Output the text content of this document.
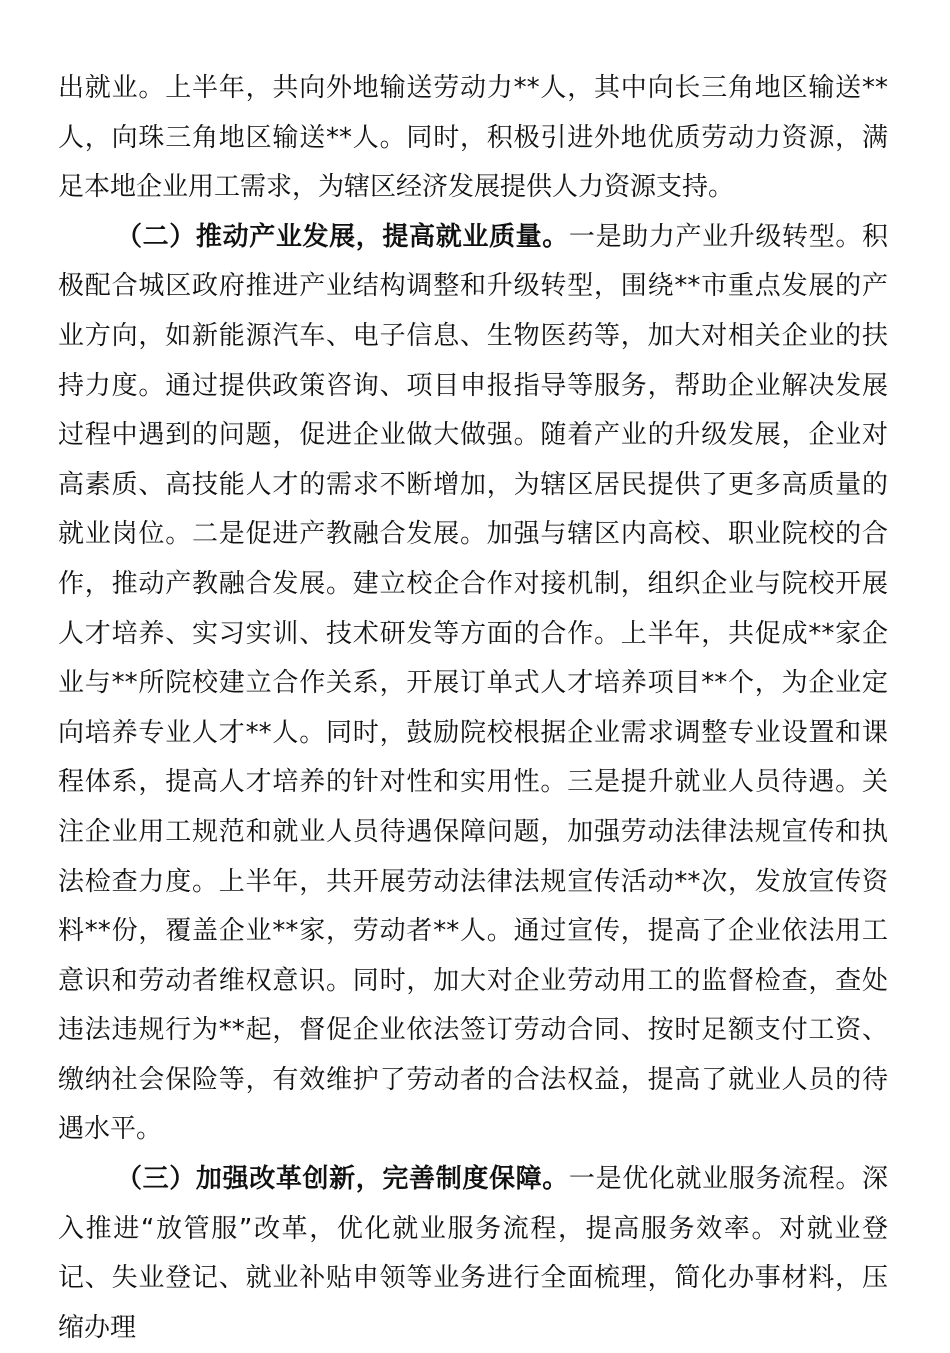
出就业。上半年，共向外地输送劳动力**人，其中向长三角地区输送**人，向珠三角地区输送**人。同时，积极引进外地优质劳动力资源，满足本地企业用工需求，为辖区经济发展提供人力资源支持。

（二）推动产业发展，提高就业质量。一是助力产业升级转型。积极配合城区政府推进产业结构调整和升级转型，围绕**市重点发展的产业方向，如新能源汽车、电子信息、生物医药等，加大对相关企业的扶持力度。通过提供政策咨询、项目申报指导等服务，帮助企业解决发展过程中遇到的问题，促进企业做大做强。随着产业的升级发展，企业对高素质、高技能人才的需求不断增加，为辖区居民提供了更多高质量的就业岗位。二是促进产教融合发展。加强与辖区内高校、职业院校的合作，推动产教融合发展。建立校企合作对接机制，组织企业与院校开展人才培养、实习实训、技术研发等方面的合作。上半年，共促成**家企业与**所院校建立合作关系，开展订单式人才培养项目**个，为企业定向培养专业人才**人。同时，鼓励院校根据企业需求调整专业设置和课程体系，提高人才培养的针对性和实用性。三是提升就业人员待遇。关注企业用工规范和就业人员待遇保障问题，加强劳动法律法规宣传和执法检查力度。上半年，共开展劳动法律法规宣传活动**次，发放宣传资料**份，覆盖企业**家，劳动者**人。通过宣传，提高了企业依法用工意识和劳动者维权意识。同时，加大对企业劳动用工的监督检查，查处违法违规行为**起，督促企业依法签订劳动合同、按时足额支付工资、缴纳社会保险等，有效维护了劳动者的合法权益，提高了就业人员的待遇水平。

（三）加强改革创新，完善制度保障。一是优化就业服务流程。深入推进“放管服”改革，优化就业服务流程，提高服务效率。对就业登记、失业登记、就业补贴申领等业务进行全面梳理，简化办事材料，压缩办理
